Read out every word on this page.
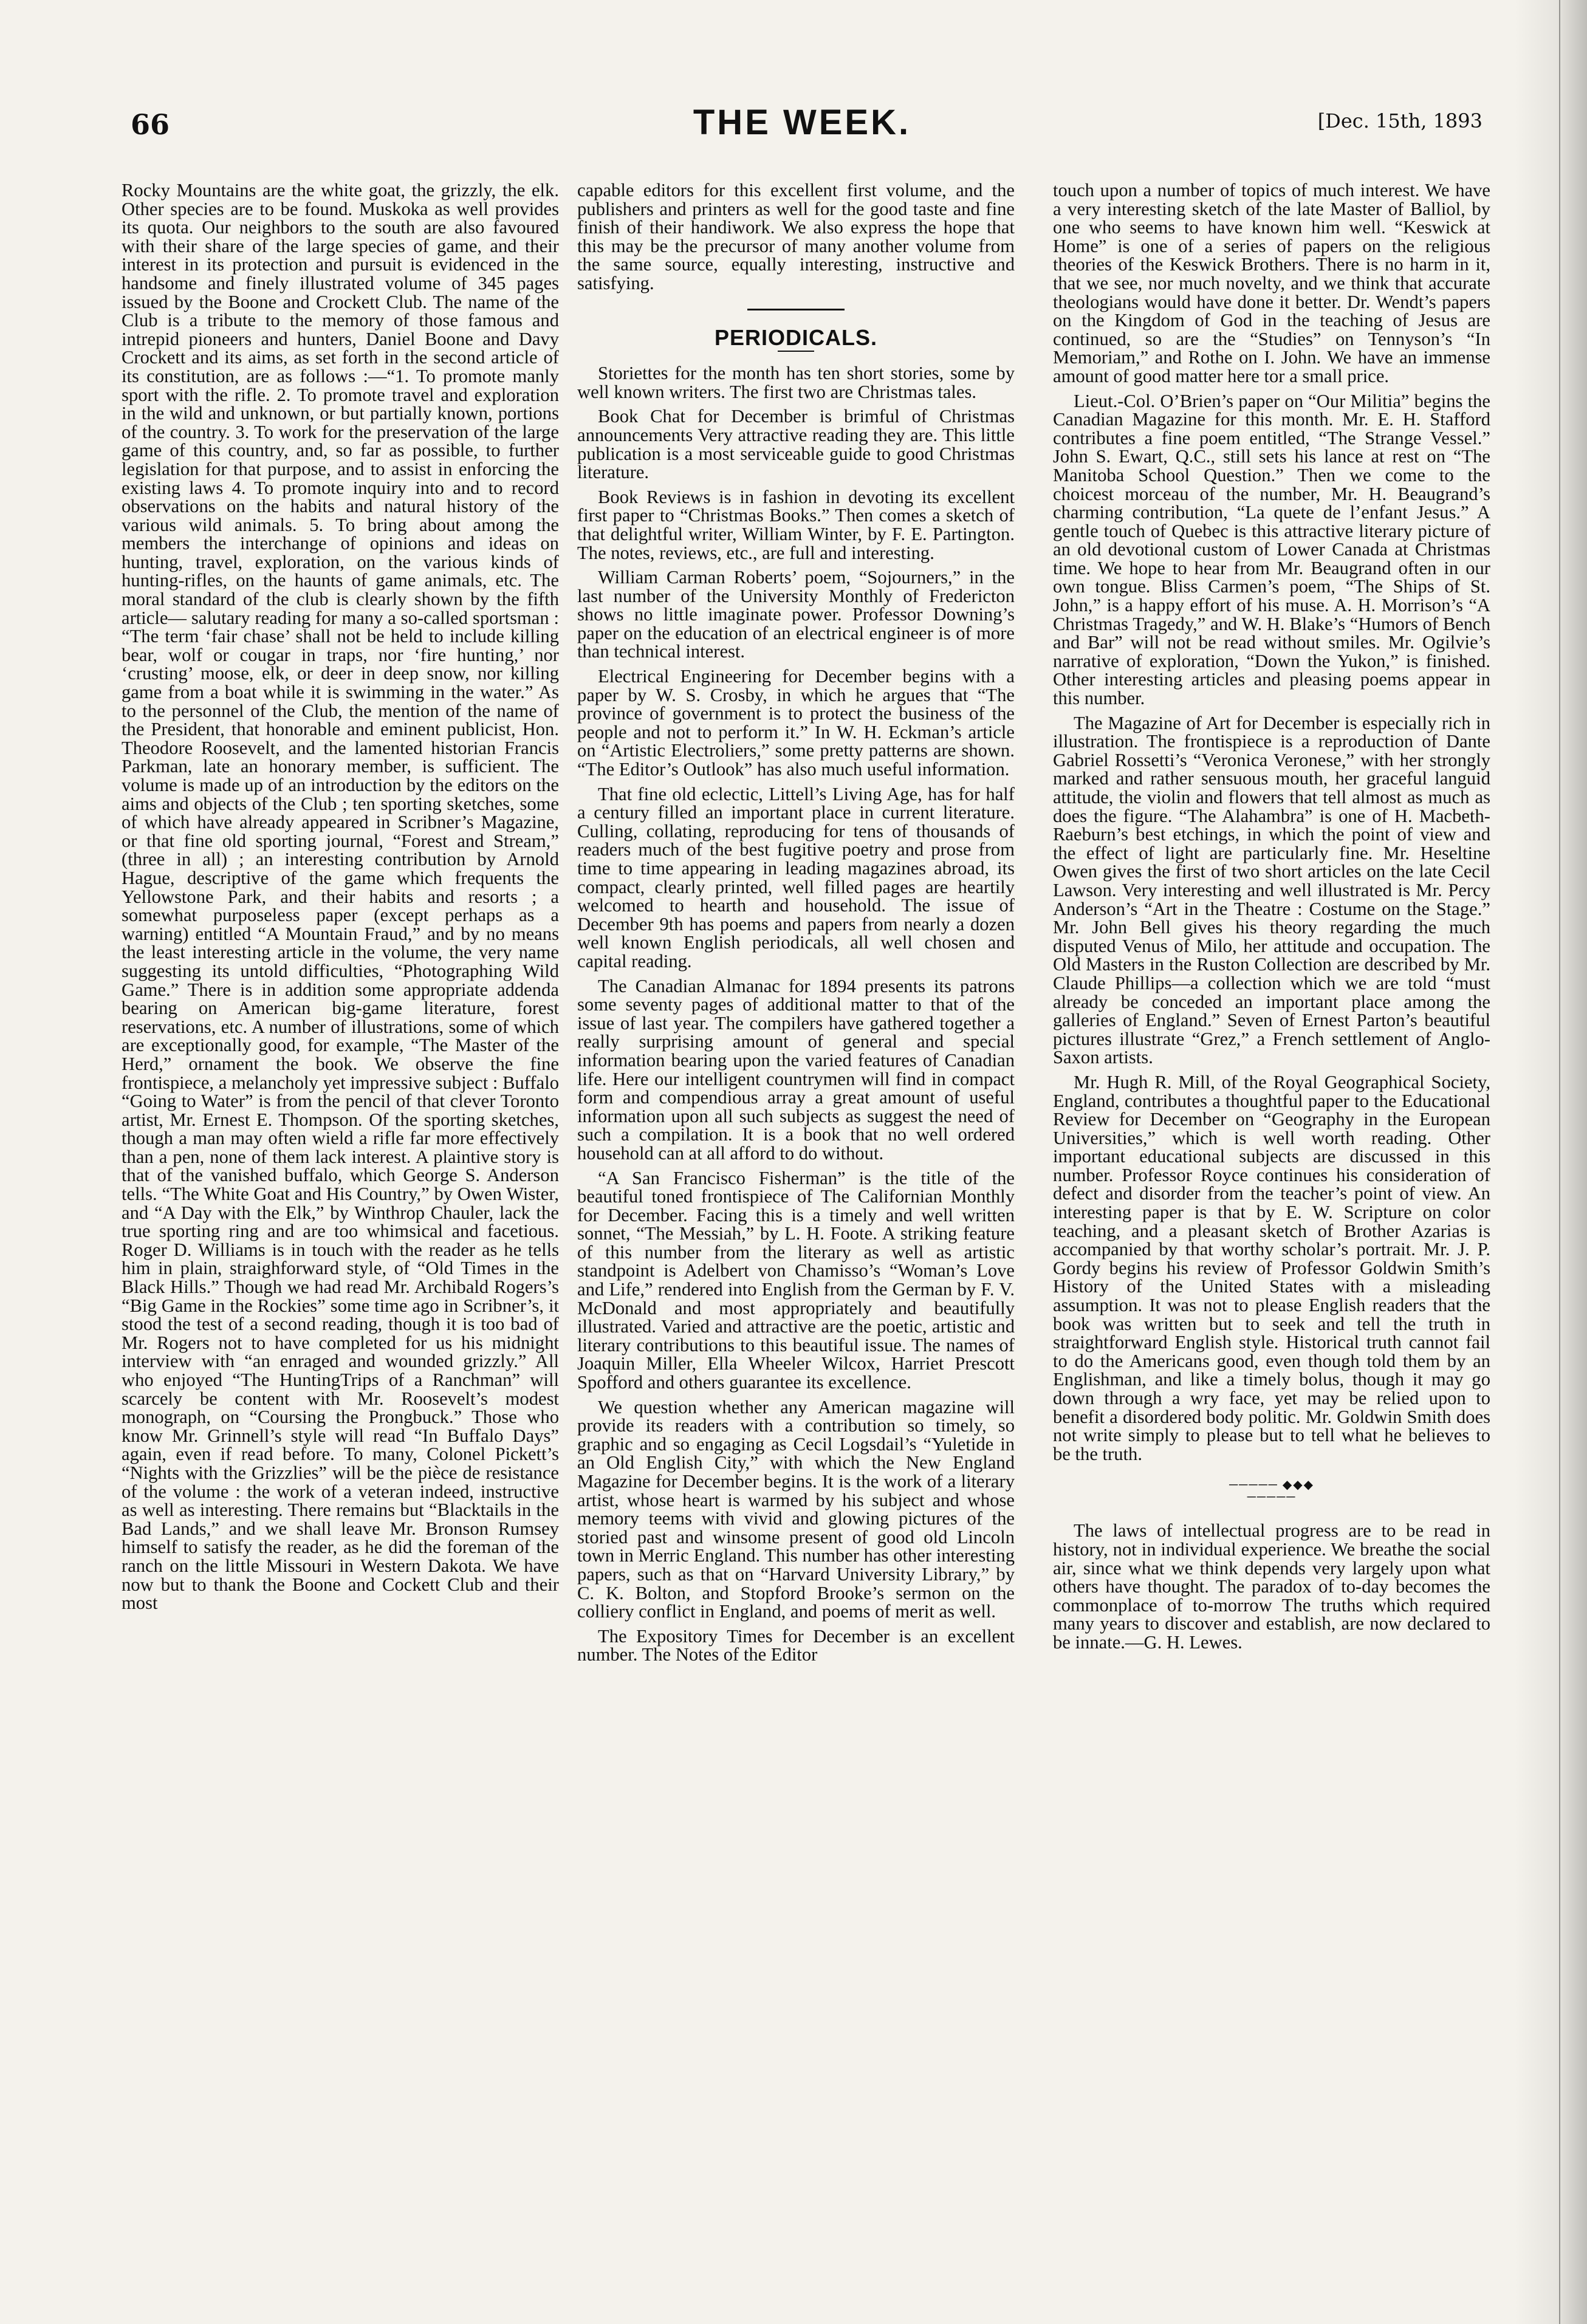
66	THE WEEK.	[Dec. 15th, 1893

Rocky Mountains are the white goat, the grizzly, the elk. Other species are to be found. Muskoka as well provides its quota. Our neighbors to the south are also favoured with their share of the large species of game, and their interest in its protection and pursuit is evidenced in the handsome and finely illustrated volume of 345 pages issued by the Boone and Crockett Club. The name of the Club is a tribute to the memory of those famous and intrepid pioneers and hunters, Daniel Boone and Davy Crockett and its aims, as set forth in the second article of its constitution, are as follows :—“1. To promote manly sport with the rifle. 2. To promote travel and exploration in the wild and unknown, or but partially known, portions of the country. 3. To work for the preservation of the large game of this country, and, so far as possible, to further legislation for that purpose, and to assist in enforcing the existing laws 4. To promote inquiry into and to record observations on the habits and natural history of the various wild animals. 5. To bring about among the members the interchange of opinions and ideas on hunting, travel, exploration, on the various kinds of hunting-rifles, on the haunts of game animals, etc. The moral standard of the club is clearly shown by the fifth article— salutary reading for many a so-called sportsman : “The term ‘fair chase’ shall not be held to include killing bear, wolf or cougar in traps, nor ‘fire hunting,’ nor ‘crusting’ moose, elk, or deer in deep snow, nor killing game from a boat while it is swimming in the water.” As to the personnel of the Club, the mention of the name of the President, that honorable and eminent publicist, Hon. Theodore Roosevelt, and the lamented historian Francis Parkman, late an honorary member, is sufficient. The volume is made up of an introduction by the editors on the aims and objects of the Club ; ten sporting sketches, some of which have already appeared in Scribner’s Magazine, or that fine old sporting journal, “Forest and Stream,” (three in all) ; an interesting contribution by Arnold Hague, descriptive of the game which frequents the Yellowstone Park, and their habits and resorts ; a somewhat purposeless paper (except perhaps as a warning) entitled “A Mountain Fraud,” and by no means the least interesting article in the volume, the very name suggesting its untold difficulties, “Photographing Wild Game.” There is in addition some appropriate addenda bearing on American big-game literature, forest reservations, etc. A number of illustrations, some of which are exceptionally good, for example, “The Master of the Herd,” ornament the book. We observe the fine frontispiece, a melancholy yet impressive subject : Buffalo “Going to Water” is from the pencil of that clever Toronto artist, Mr. Ernest E. Thompson. Of the sporting sketches, though a man may often wield a rifle far more effectively than a pen, none of them lack interest. A plaintive story is that of the vanished buffalo, which George S. Anderson tells. “The White Goat and His Country,” by Owen Wister, and “A Day with the Elk,” by Winthrop Chauler, lack the true sporting ring and are too whimsical and facetious. Roger D. Williams is in touch with the reader as he tells him in plain, straighforward style, of “Old Times in the Black Hills.” Though we had read Mr. Archibald Rogers’s “Big Game in the Rockies” some time ago in Scribner’s, it stood the test of a second reading, though it is too bad of Mr. Rogers not to have completed for us his midnight interview with “an enraged and wounded grizzly.” All who enjoyed “The HuntingTrips of a Ranchman” will scarcely be content with Mr. Roosevelt’s modest monograph, on “Coursing the Prongbuck.” Those who know Mr. Grinnell’s style will read “In Buffalo Days” again, even if read before. To many, Colonel Pickett’s “Nights with the Grizzlies” will be the pièce de resistance of the volume : the work of a veteran indeed, instructive as well as interesting. There remains but “Blacktails in the Bad Lands,” and we shall leave Mr. Bronson Rumsey himself to satisfy the reader, as he did the foreman of the ranch on the little Missouri in Western Dakota. We have now but to thank the Boone and Cockett Club and their most

capable editors for this excellent first volume, and the publishers and printers as well for the good taste and fine finish of their handiwork. We also express the hope that this may be the precursor of many another volume from the same source, equally interesting, instructive and satisfying.

PERIODICALS.

Storiettes for the month has ten short stories, some by well known writers. The first two are Christmas tales.

Book Chat for December is brimful of Christmas announcements Very attractive reading they are. This little publication is a most serviceable guide to good Christmas literature.

Book Reviews is in fashion in devoting its excellent first paper to “Christmas Books.” Then comes a sketch of that delightful writer, William Winter, by F. E. Partington. The notes, reviews, etc., are full and interesting.

William Carman Roberts’ poem, “Sojourners,” in the last number of the University Monthly of Fredericton shows no little imaginate power. Professor Downing’s paper on the education of an electrical engineer is of more than technical interest.

Electrical Engineering for December begins with a paper by W. S. Crosby, in which he argues that “The province of government is to protect the business of the people and not to perform it.” In W. H. Eckman’s article on “Artistic Electroliers,” some pretty patterns are shown. “The Editor’s Outlook” has also much useful information.

That fine old eclectic, Littell’s Living Age, has for half a century filled an important place in current literature. Culling, collating, reproducing for tens of thousands of readers much of the best fugitive poetry and prose from time to time appearing in leading magazines abroad, its compact, clearly printed, well filled pages are heartily welcomed to hearth and household. The issue of December 9th has poems and papers from nearly a dozen well known English periodicals, all well chosen and capital reading.

The Canadian Almanac for 1894 presents its patrons some seventy pages of additional matter to that of the issue of last year. The compilers have gathered together a really surprising amount of general and special information bearing upon the varied features of Canadian life. Here our intelligent countrymen will find in compact form and compendious array a great amount of useful information upon all such subjects as suggest the need of such a compilation. It is a book that no well ordered household can at all afford to do without.

“A San Francisco Fisherman” is the title of the beautiful toned frontispiece of The Californian Monthly for December. Facing this is a timely and well written sonnet, “The Messiah,” by L. H. Foote. A striking feature of this number from the literary as well as artistic standpoint is Adelbert von Chamisso’s “Woman’s Love and Life,” rendered into English from the German by F. V. McDonald and most appropriately and beautifully illustrated. Varied and attractive are the poetic, artistic and literary contributions to this beautiful issue. The names of Joaquin Miller, Ella Wheeler Wilcox, Harriet Prescott Spofford and others guarantee its excellence.

We question whether any American magazine will provide its readers with a contribution so timely, so graphic and so engaging as Cecil Logsdail’s “Yuletide in an Old English City,” with which the New England Magazine for December begins. It is the work of a literary artist, whose heart is warmed by his subject and whose memory teems with vivid and glowing pictures of the storied past and winsome present of good old Lincoln town in Merric England. This number has other interesting papers, such as that on “Harvard University Library,” by C. K. Bolton, and Stopford Brooke’s sermon on the colliery conflict in England, and poems of merit as well.

The Expository Times for December is an excellent number. The Notes of the Editor

touch upon a number of topics of much interest. We have a very interesting sketch of the late Master of Balliol, by one who seems to have known him well. “Keswick at Home” is one of a series of papers on the religious theories of the Keswick Brothers. There is no harm in it, that we see, nor much novelty, and we think that accurate theologians would have done it better. Dr. Wendt’s papers on the Kingdom of God in the teaching of Jesus are continued, so are the “Studies” on Tennyson’s “In Memoriam,” and Rothe on I. John. We have an immense amount of good matter here tor a small price.

Lieut.-Col. O’Brien’s paper on “Our Militia” begins the Canadian Magazine for this month. Mr. E. H. Stafford contributes a fine poem entitled, “The Strange Vessel.” John S. Ewart, Q.C., still sets his lance at rest on “The Manitoba School Question.” Then we come to the choicest morceau of the number, Mr. H. Beaugrand’s charming contribution, “La quete de l’enfant Jesus.” A gentle touch of Quebec is this attractive literary picture of an old devotional custom of Lower Canada at Christmas time. We hope to hear from Mr. Beaugrand often in our own tongue. Bliss Carmen’s poem, “The Ships of St. John,” is a happy effort of his muse. A. H. Morrison’s “A Christmas Tragedy,” and W. H. Blake’s “Humors of Bench and Bar” will not be read without smiles. Mr. Ogilvie’s narrative of exploration, “Down the Yukon,” is finished. Other interesting articles and pleasing poems appear in this number.

The Magazine of Art for December is especially rich in illustration. The frontispiece is a reproduction of Dante Gabriel Rossetti’s “Veronica Veronese,” with her strongly marked and rather sensuous mouth, her graceful languid attitude, the violin and flowers that tell almost as much as does the figure. “The Alahambra” is one of H. Macbeth-Raeburn’s best etchings, in which the point of view and the effect of light are particularly fine. Mr. Heseltine Owen gives the first of two short articles on the late Cecil Lawson. Very interesting and well illustrated is Mr. Percy Anderson’s “Art in the Theatre : Costume on the Stage.” Mr. John Bell gives his theory regarding the much disputed Venus of Milo, her attitude and occupation. The Old Masters in the Ruston Collection are described by Mr. Claude Phillips—a collection which we are told “must already be conceded an important place among the galleries of England.” Seven of Ernest Parton’s beautiful pictures illustrate “Grez,” a French settlement of Anglo-Saxon artists.

Mr. Hugh R. Mill, of the Royal Geographical Society, England, contributes a thoughtful paper to the Educational Review for December on “Geography in the European Universities,” which is well worth reading. Other important educational subjects are discussed in this number. Professor Royce continues his consideration of defect and disorder from the teacher’s point of view. An interesting paper is that by E. W. Scripture on color teaching, and a pleasant sketch of Brother Azarias is accompanied by that worthy scholar’s portrait. Mr. J. P. Gordy begins his review of Professor Goldwin Smith’s History of the United States with a misleading assumption. It was not to please English readers that the book was written but to seek and tell the truth in straightforward English style. Historical truth cannot fail to do the Americans good, even though told them by an Englishman, and like a timely bolus, though it may go down through a wry face, yet may be relied upon to benefit a disordered body politic. Mr. Goldwin Smith does not write simply to please but to tell what he believes to be the truth.

───── ◆◆◆ ─────

The laws of intellectual progress are to be read in history, not in individual experience. We breathe the social air, since what we think depends very largely upon what others have thought. The paradox of to-day becomes the commonplace of to-morrow The truths which required many years to discover and establish, are now declared to be innate.—G. H. Lewes.
